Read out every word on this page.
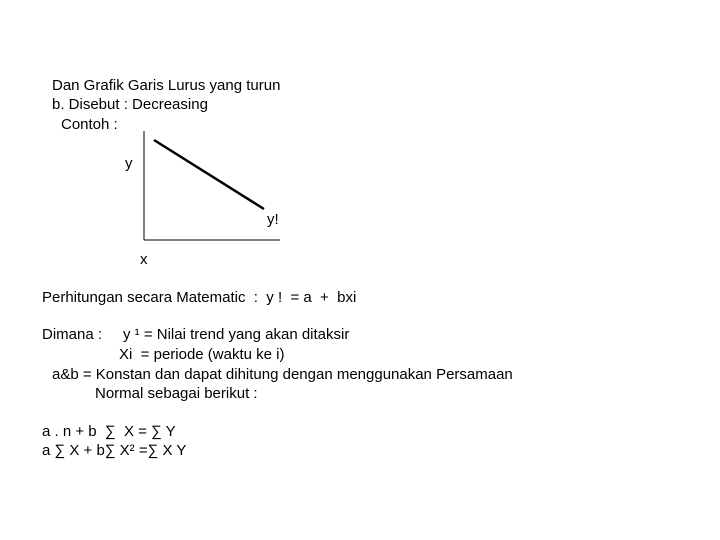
Dan Grafik Garis Lurus yang turun
b. Disebut : Decreasing
Contoh :
y
y!
x
Perhitungan secara Matematic  :  y !  = a  +  bxi
Dimana : y ¹ = Nilai trend yang akan ditaksir
Xi  = periode (waktu ke i)
a&b = Konstan dan dapat dihitung dengan menggunakan Persamaan
Normal sebagai berikut :
a . n + b  ∑  X = ∑ Y
a ∑ X + b∑ X² =∑ X Y
